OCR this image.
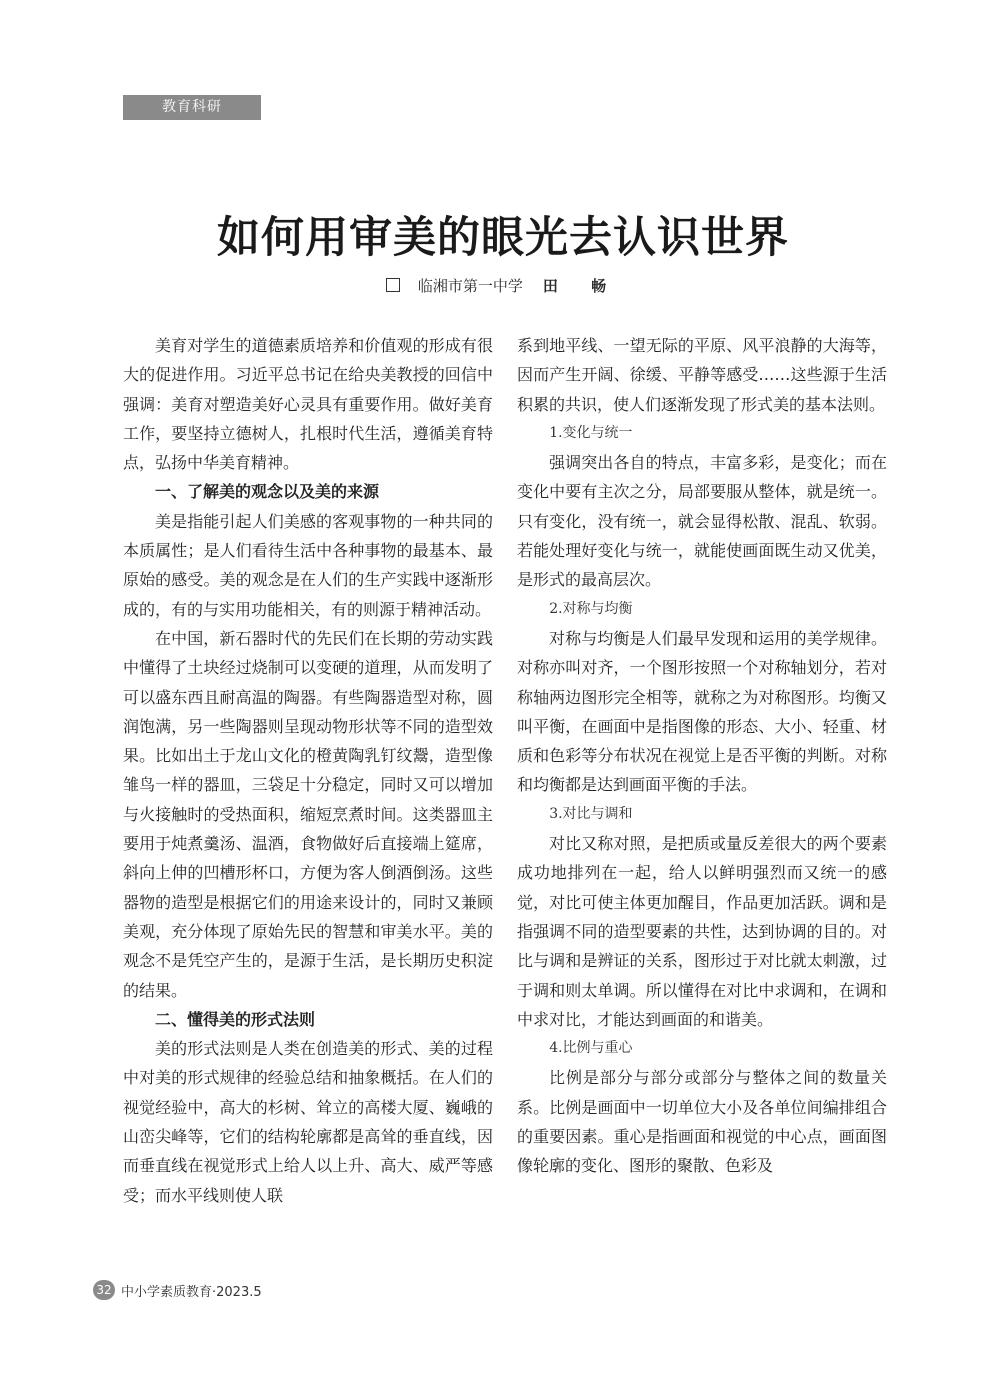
教育科研
如何用审美的眼光去认识世界
临湘市第一中学 田 畅

美育对学生的道德素质培养和价值观的形成有很大的促进作用。习近平总书记在给央美教授的回信中强调：美育对塑造美好心灵具有重要作用。做好美育工作，要坚持立德树人，扎根时代生活，遵循美育特点，弘扬中华美育精神。

一、了解美的观念以及美的来源

美是指能引起人们美感的客观事物的一种共同的本质属性；是人们看待生活中各种事物的最基本、最原始的感受。美的观念是在人们的生产实践中逐渐形成的，有的与实用功能相关，有的则源于精神活动。

在中国，新石器时代的先民们在长期的劳动实践中懂得了土块经过烧制可以变硬的道理，从而发明了可以盛东西且耐高温的陶器。有些陶器造型对称，圆润饱满，另一些陶器则呈现动物形状等不同的造型效果。比如出土于龙山文化的橙黄陶乳钉纹鬶，造型像雏鸟一样的器皿，三袋足十分稳定，同时又可以增加与火接触时的受热面积，缩短烹煮时间。这类器皿主要用于炖煮羹汤、温酒，食物做好后直接端上筵席，斜向上伸的凹槽形杯口，方便为客人倒酒倒汤。这些器物的造型是根据它们的用途来设计的，同时又兼顾美观，充分体现了原始先民的智慧和审美水平。美的观念不是凭空产生的，是源于生活，是长期历史积淀的结果。

二、懂得美的形式法则

美的形式法则是人类在创造美的形式、美的过程中对美的形式规律的经验总结和抽象概括。在人们的视觉经验中，高大的杉树、耸立的高楼大厦、巍峨的山峦尖峰等，它们的结构轮廓都是高耸的垂直线，因而垂直线在视觉形式上给人以上升、高大、威严等感受；而水平线则使人联

系到地平线、一望无际的平原、风平浪静的大海等，因而产生开阔、徐缓、平静等感受……这些源于生活积累的共识，使人们逐渐发现了形式美的基本法则。

1.变化与统一

强调突出各自的特点，丰富多彩，是变化；而在变化中要有主次之分，局部要服从整体，就是统一。只有变化，没有统一，就会显得松散、混乱、软弱。若能处理好变化与统一，就能使画面既生动又优美，是形式的最高层次。

2.对称与均衡

对称与均衡是人们最早发现和运用的美学规律。对称亦叫对齐，一个图形按照一个对称轴划分，若对称轴两边图形完全相等，就称之为对称图形。均衡又叫平衡，在画面中是指图像的形态、大小、轻重、材质和色彩等分布状况在视觉上是否平衡的判断。对称和均衡都是达到画面平衡的手法。

3.对比与调和

对比又称对照，是把质或量反差很大的两个要素成功地排列在一起，给人以鲜明强烈而又统一的感觉，对比可使主体更加醒目，作品更加活跃。调和是指强调不同的造型要素的共性，达到协调的目的。对比与调和是辨证的关系，图形过于对比就太刺激，过于调和则太单调。所以懂得在对比中求调和，在调和中求对比，才能达到画面的和谐美。

4.比例与重心

比例是部分与部分或部分与整体之间的数量关系。比例是画面中一切单位大小及各单位间编排组合的重要因素。重心是指画面和视觉的中心点，画面图像轮廓的变化、图形的聚散、色彩及

32 中小学素质教育·2023.5
